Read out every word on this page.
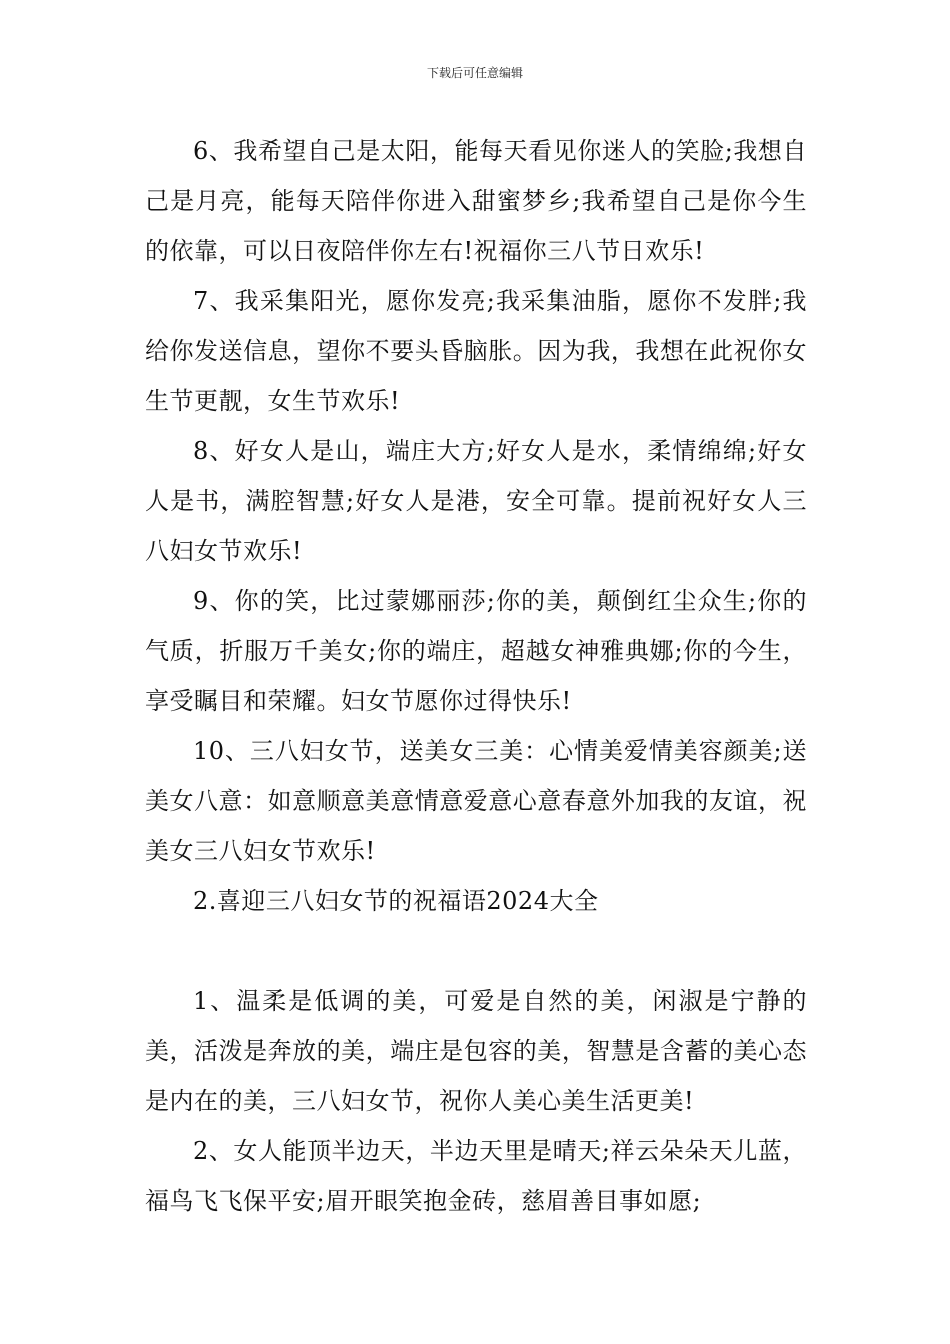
下载后可任意编辑

6、我希望自己是太阳，能每天看见你迷人的笑脸;我想自己是月亮，能每天陪伴你进入甜蜜梦乡;我希望自己是你今生的依靠，可以日夜陪伴你左右!祝福你三八节日欢乐!

7、我采集阳光，愿你发亮;我采集油脂，愿你不发胖;我给你发送信息，望你不要头昏脑胀。因为我，我想在此祝你女生节更靓，女生节欢乐!

8、好女人是山，端庄大方;好女人是水，柔情绵绵;好女人是书，满腔智慧;好女人是港，安全可靠。提前祝好女人三八妇女节欢乐!

9、你的笑，比过蒙娜丽莎;你的美，颠倒红尘众生;你的气质，折服万千美女;你的端庄，超越女神雅典娜;你的今生，享受瞩目和荣耀。妇女节愿你过得快乐!

10、三八妇女节，送美女三美：心情美爱情美容颜美;送美女八意：如意顺意美意情意爱意心意春意外加我的友谊，祝美女三八妇女节欢乐!

2.喜迎三八妇女节的祝福语2024大全

1、温柔是低调的美，可爱是自然的美，闲淑是宁静的美，活泼是奔放的美，端庄是包容的美，智慧是含蓄的美心态是内在的美，三八妇女节，祝你人美心美生活更美!

2、女人能顶半边天，半边天里是晴天;祥云朵朵天儿蓝，福鸟飞飞保平安;眉开眼笑抱金砖，慈眉善目事如愿;
